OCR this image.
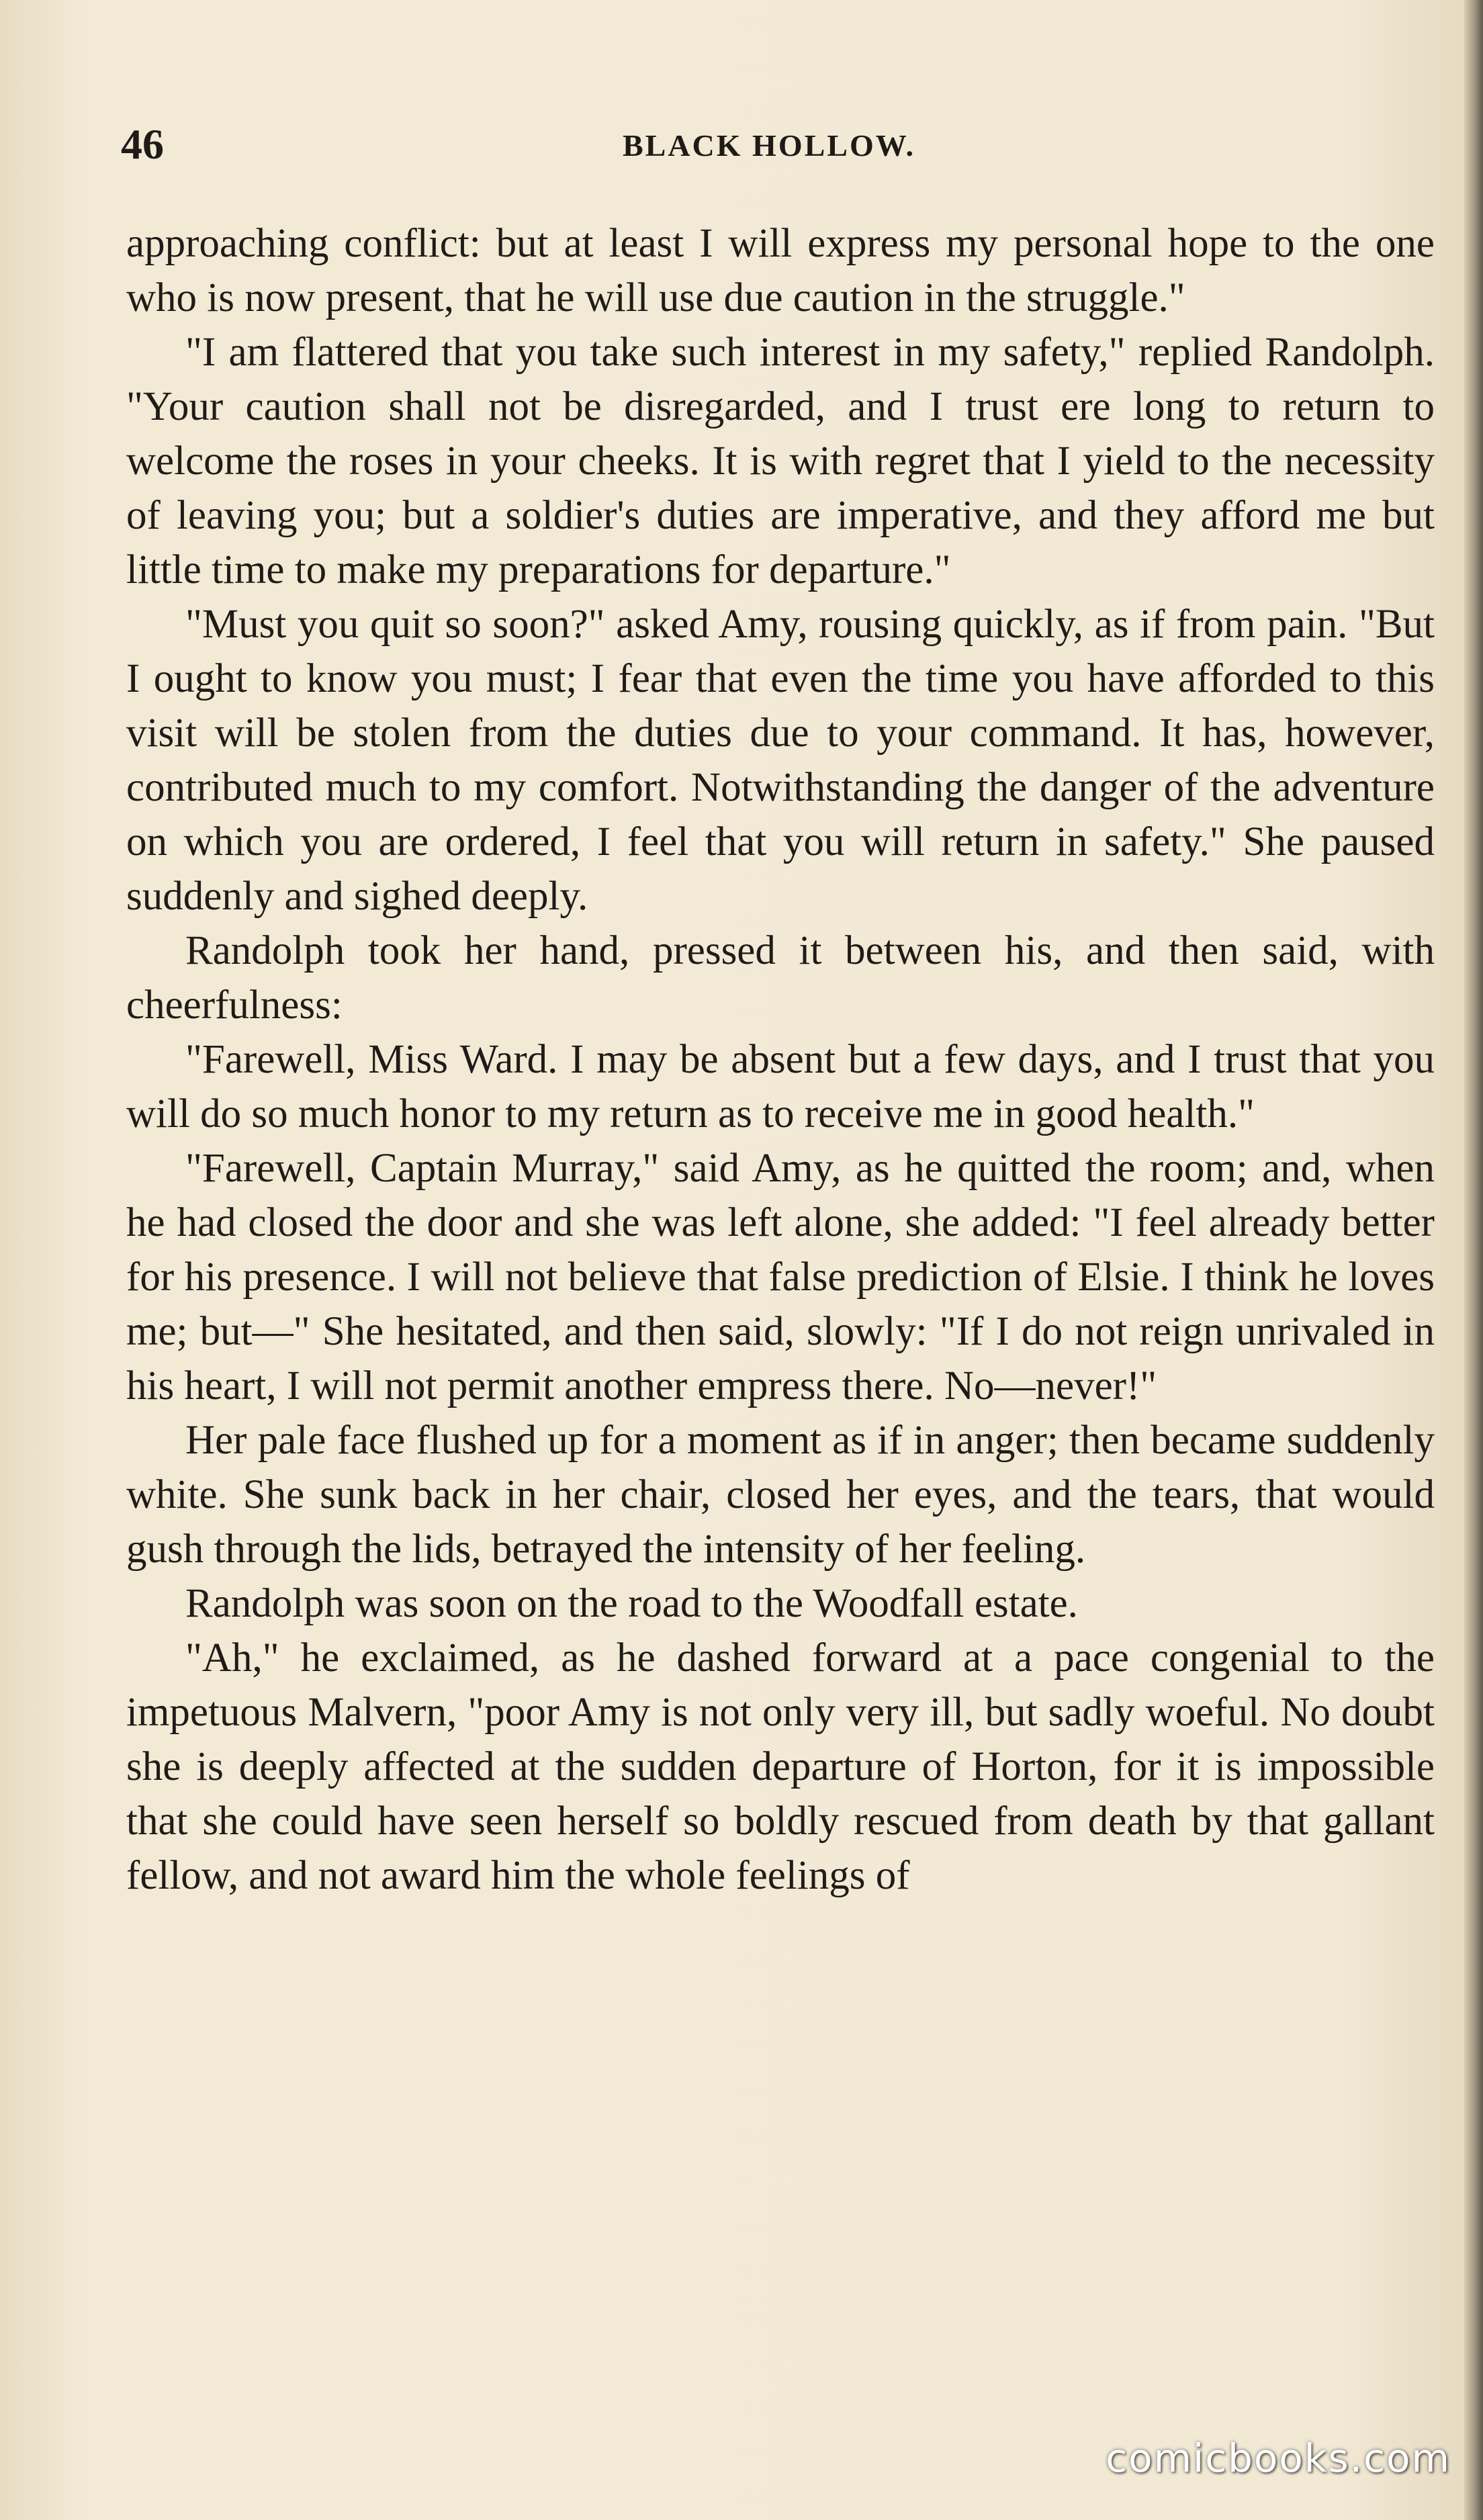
46	BLACK HOLLOW.

approaching conflict: but at least I will express my personal hope to the one who is now present, that he will use due caution in the struggle."

"I am flattered that you take such interest in my safety," replied Randolph. "Your caution shall not be disregarded, and I trust ere long to return to welcome the roses in your cheeks. It is with regret that I yield to the necessity of leaving you; but a soldier's duties are imperative, and they afford me but little time to make my preparations for departure."

"Must you quit so soon?" asked Amy, rousing quickly, as if from pain. "But I ought to know you must; I fear that even the time you have afforded to this visit will be stolen from the duties due to your command. It has, however, contributed much to my comfort. Notwithstanding the danger of the adventure on which you are ordered, I feel that you will return in safety." She paused suddenly and sighed deeply.

Randolph took her hand, pressed it between his, and then said, with cheerfulness:

"Farewell, Miss Ward. I may be absent but a few days, and I trust that you will do so much honor to my return as to receive me in good health."

"Farewell, Captain Murray," said Amy, as he quitted the room; and, when he had closed the door and she was left alone, she added: "I feel already better for his presence. I will not believe that false prediction of Elsie. I think he loves me; but—" She hesitated, and then said, slowly: "If I do not reign unrivaled in his heart, I will not permit another empress there. No—never!"

Her pale face flushed up for a moment as if in anger; then became suddenly white. She sunk back in her chair, closed her eyes, and the tears, that would gush through the lids, betrayed the intensity of her feeling.

Randolph was soon on the road to the Woodfall estate.

"Ah," he exclaimed, as he dashed forward at a pace congenial to the impetuous Malvern, "poor Amy is not only very ill, but sadly woeful. No doubt she is deeply affected at the sudden departure of Horton, for it is impossible that she could have seen herself so boldly rescued from death by that gallant fellow, and not award him the whole feelings of

comicbooks.com
